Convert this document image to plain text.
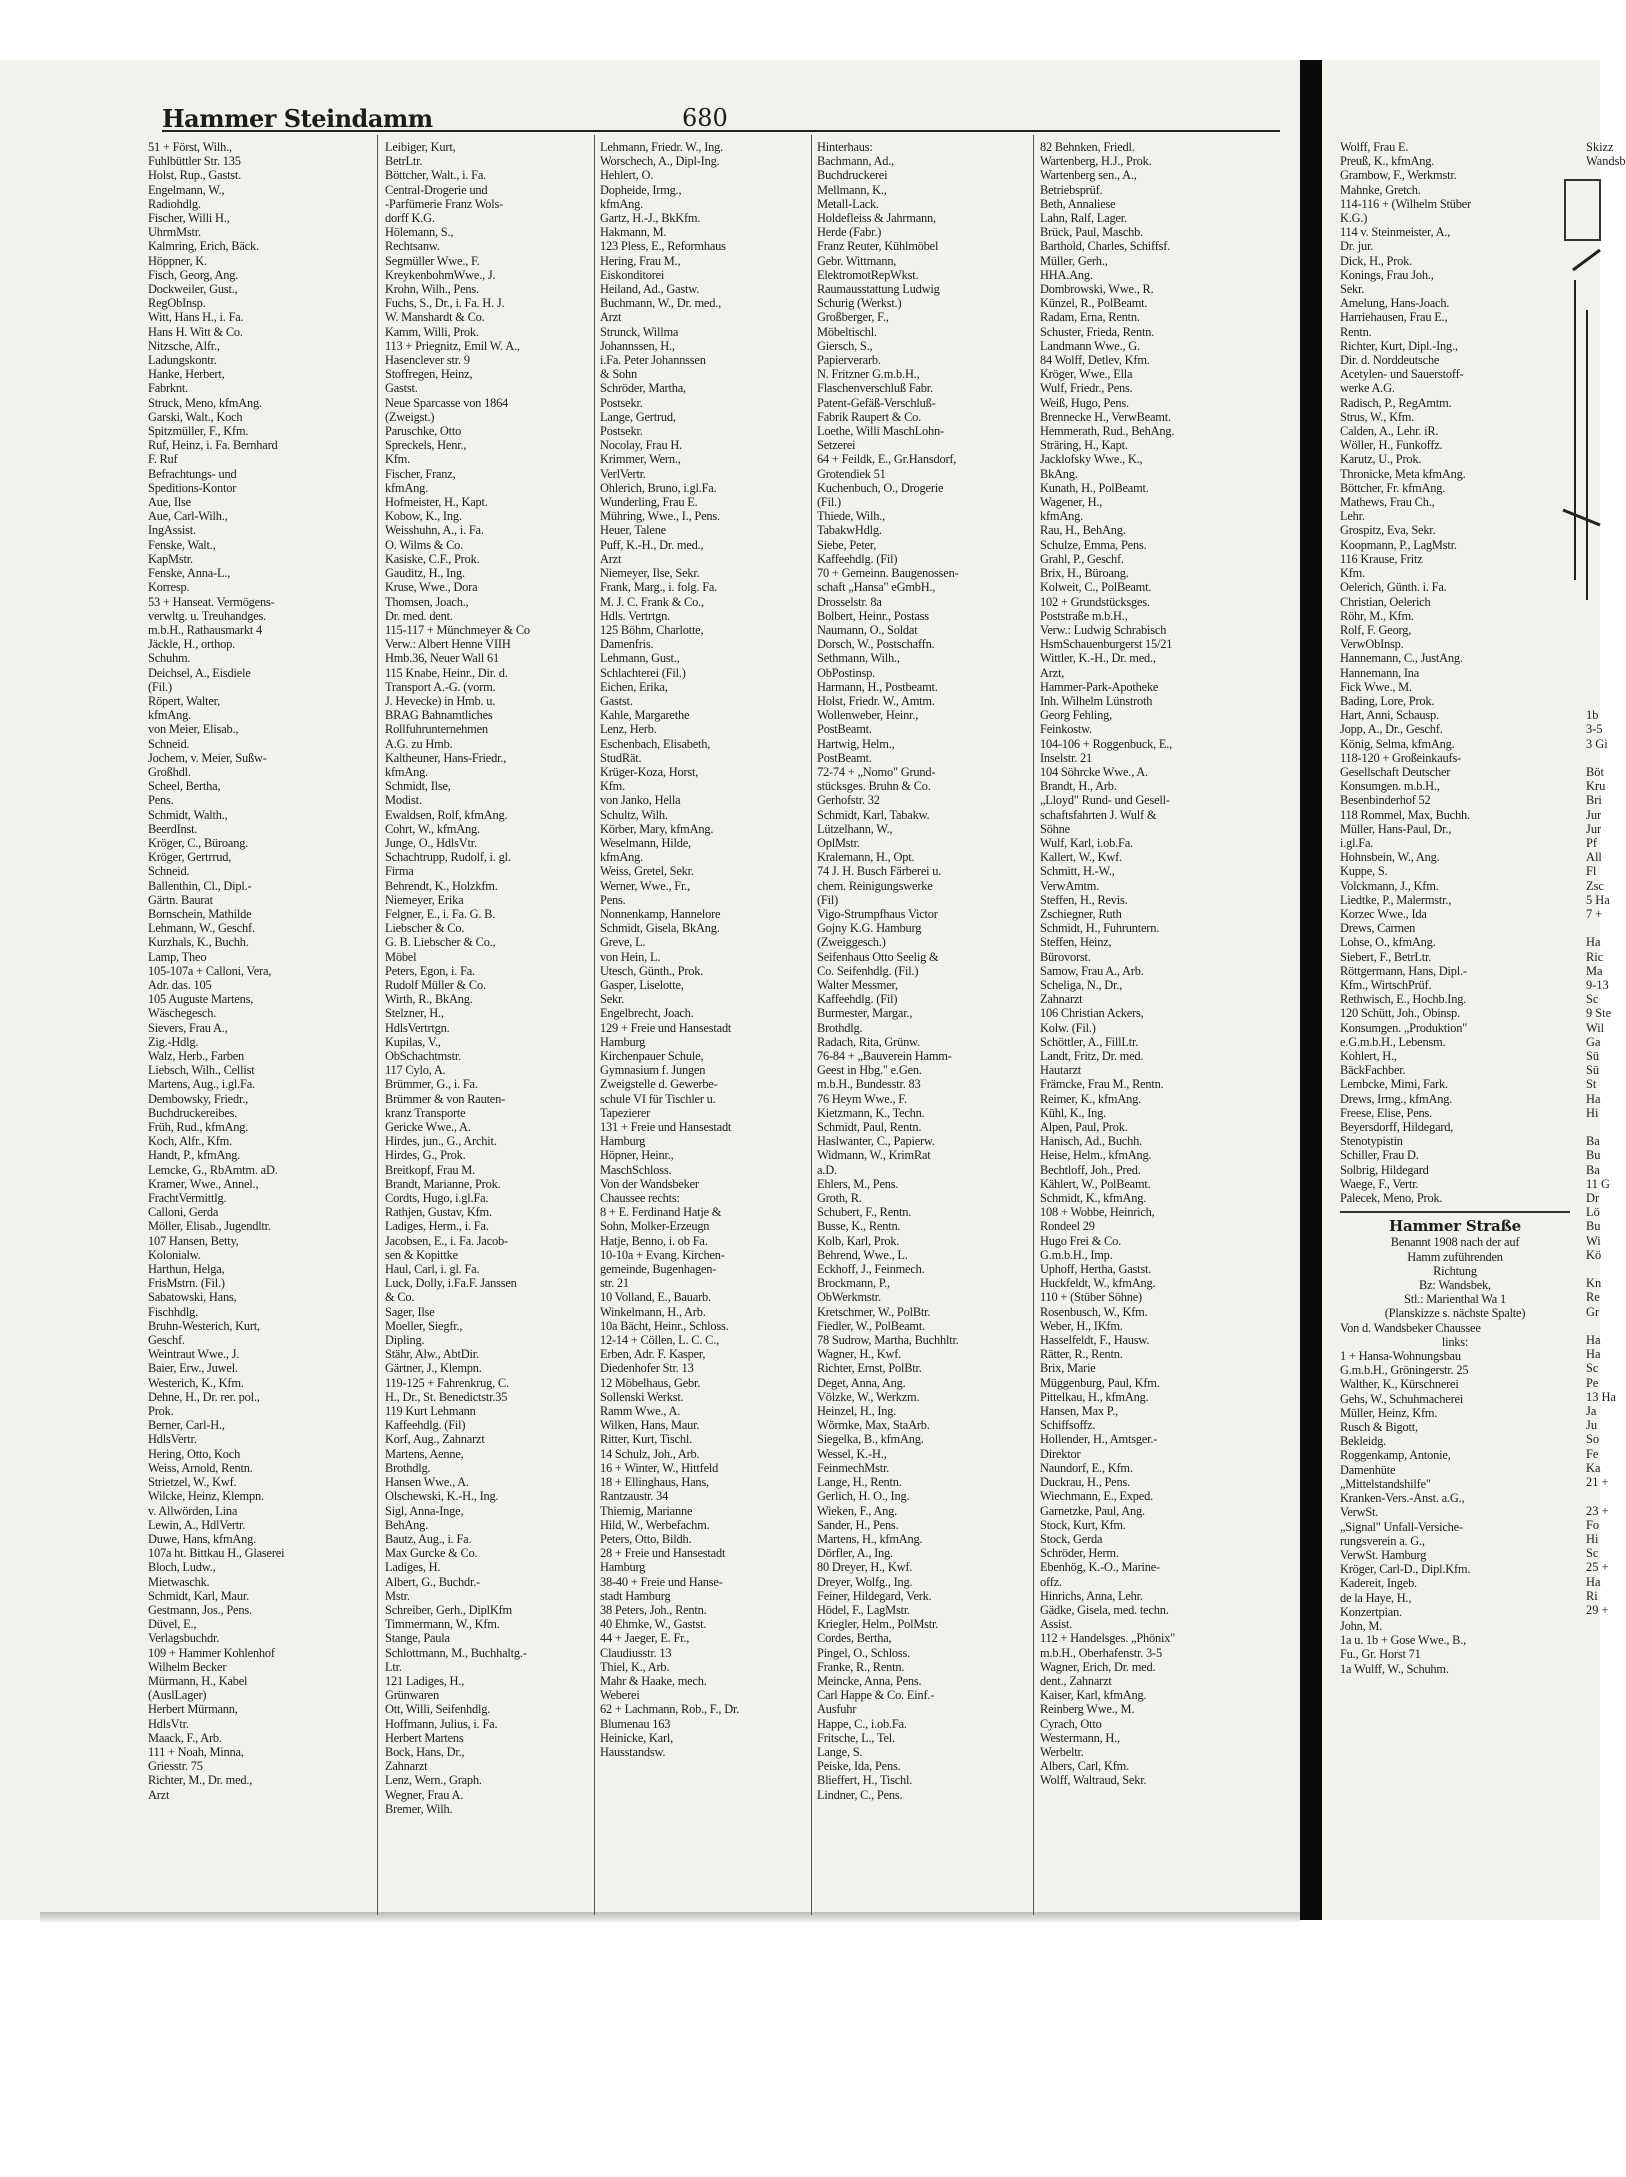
Hammer Steindamm	680
51 + Först, Wilh.,
Fuhlbüttler Str. 135
Holst, Rup., Gastst.
Engelmann, W.,
Radiohdlg.
Fischer, Willi H.,
UhrmMstr.
Kalmring, Erich, Bäck.
Höppner, K.
Fisch, Georg, Ang.
Dockweiler, Gust.,
RegObInsp.
Witt, Hans H., i. Fa.
Hans H. Witt & Co.
Nitzsche, Alfr.,
Ladungskontr.
Hanke, Herbert,
Fabrknt.
Struck, Meno, kfmAng.
Garski, Walt., Koch
Spitzmüller, F., Kfm.
Ruf, Heinz, i. Fa. Bernhard
F. Ruf
Befrachtungs- und
Speditions-Kontor
Aue, Ilse
Aue, Carl-Wilh.,
IngAssist.
Fenske, Walt.,
KapMstr.
Fenske, Anna-L.,
Korresp.
53 + Hanseat. Vermögens-
verwltg. u. Treuhandges.
m.b.H., Rathausmarkt 4
Jäckle, H., orthop.
Schuhm.
Deichsel, A., Eisdiele
(Fil.)
Röpert, Walter,
kfmAng.
von Meier, Elisab.,
Schneid.
Jochem, v. Meier, Sußw-
Großhdl.
Scheel, Bertha,
Pens.
Schmidt, Walth.,
BeerdInst.
Kröger, C., Büroang.
Kröger, Gertrrud,
Schneid.
Ballenthin, Cl., Dipl.-
Gärtn. Baurat
Bornschein, Mathilde
Lehmann, W., Geschf.
Kurzhals, K., Buchh.
Lamp, Theo
105-107a + Calloni, Vera,
Adr. das. 105
105 Auguste Martens,
Wäschegesch.
Sievers, Frau A.,
Zig.-Hdlg.
Walz, Herb., Farben
Liebsch, Wilh., Cellist
Martens, Aug., i.gl.Fa.
Dembowsky, Friedr.,
Buchdruckereibes.
Früh, Rud., kfmAng.
Koch, Alfr., Kfm.
Handt, P., kfmAng.
Lemcke, G., RbAmtm. aD.
Kramer, Wwe., Annel.,
FrachtVermittlg.
Calloni, Gerda
Möller, Elisab., Jugendltr.
107 Hansen, Betty,
Kolonialw.
Harthun, Helga,
FrisMstrn. (Fil.)
Sabatowski, Hans,
Fischhdlg.
Bruhn-Westerich, Kurt,
Geschf.
Weintraut Wwe., J.
Baier, Erw., Juwel.
Westerich, K., Kfm.
Dehne, H., Dr. rer. pol.,
Prok.
Berner, Carl-H.,
HdlsVertr.
Hering, Otto, Koch
Weiss, Arnold, Rentn.
Strietzel, W., Kwf.
Wilcke, Heinz, Klempn.
v. Allwörden, Lina
Lewin, A., HdlVertr.
Duwe, Hans, kfmAng.
107a ht. Bittkau H., Glaserei
Bloch, Ludw.,
Mietwaschk.
Schmidt, Karl, Maur.
Gestmann, Jos., Pens.
Düvel, E.,
Verlagsbuchdr.
109 + Hammer Kohlenhof
Wilhelm Becker
Mürmann, H., Kabel
(AuslLager)
Herbert Mürmann,
HdlsVtr.
Maack, F., Arb.
111 + Noah, Minna,
Griesstr. 75
Richter, M., Dr. med.,
Arzt
Leibiger, Kurt,
BetrLtr.
Böttcher, Walt., i. Fa.
Central-Drogerie und
-Parfümerie Franz Wols-
dorff K.G.
Hölemann, S.,
Rechtsanw.
Segmüller Wwe., F.
KreykenbohmWwe., J.
Krohn, Wilh., Pens.
Fuchs, S., Dr., i. Fa. H. J.
W. Manshardt & Co.
Kamm, Willi, Prok.
113 + Priegnitz, Emil W. A.,
Hasenclever str. 9
Stoffregen, Heinz,
Gastst.
Neue Sparcasse von 1864
(Zweigst.)
Paruschke, Otto
Spreckels, Henr.,
Kfm.
Fischer, Franz,
kfmAng.
Hofmeister, H., Kapt.
Kobow, K., Ing.
Weisshuhn, A., i. Fa.
O. Wilms & Co.
Kasiske, C.F., Prok.
Gauditz, H., Ing.
Kruse, Wwe., Dora
Thomsen, Joach.,
Dr. med. dent.
115-117 + Münchmeyer & Co
Verw.: Albert Henne VIIH
Hmb.36, Neuer Wall 61
115 Knabe, Heinr., Dir. d.
Transport A.-G. (vorm.
J. Hevecke) in Hmb. u.
BRAG Bahnamtliches
Rollfuhrunternehmen
A.G. zu Hmb.
Kaltheuner, Hans-Friedr.,
kfmAng.
Schmidt, Ilse,
Modist.
Ewaldsen, Rolf, kfmAng.
Cohrt, W., kfmAng.
Junge, O., HdlsVtr.
Schachtrupp, Rudolf, i. gl.
Firma
Behrendt, K., Holzkfm.
Niemeyer, Erika
Felgner, E., i. Fa. G. B.
Liebscher & Co.
G. B. Liebscher & Co.,
Möbel
Peters, Egon, i. Fa.
Rudolf Müller & Co.
Wirth, R., BkAng.
Stelzner, H.,
HdlsVertrtgn.
Kupilas, V.,
ObSchachtmstr.
117 Cylo, A.
Brümmer, G., i. Fa.
Brümmer & von Rauten-
kranz Transporte
Gericke Wwe., A.
Hirdes, jun., G., Archit.
Hirdes, G., Prok.
Breitkopf, Frau M.
Brandt, Marianne, Prok.
Cordts, Hugo, i.gl.Fa.
Rathjen, Gustav, Kfm.
Ladiges, Herm., i. Fa.
Jacobsen, E., i. Fa. Jacob-
sen & Kopittke
Haul, Carl, i. gl. Fa.
Luck, Dolly, i.Fa.F. Janssen
& Co.
Sager, Ilse
Moeller, Siegfr.,
Dipling.
Stähr, Alw., AbtDir.
Gärtner, J., Klempn.
119-125 + Fahrenkrug, C.
H., Dr., St. Benedictstr.35
119 Kurt Lehmann
Kaffeehdlg. (Fil)
Korf, Aug., Zahnarzt
Martens, Aenne,
Brothdlg.
Hansen Wwe., A.
Olschewski, K.-H., Ing.
Sigl, Anna-Inge,
BehAng.
Bautz, Aug., i. Fa.
Max Gurcke & Co.
Ladiges, H.
Albert, G., Buchdr.-
Mstr.
Schreiber, Gerh., DiplKfm
Timmermann, W., Kfm.
Stange, Paula
Schlottmann, M., Buchhaltg.-
Ltr.
121 Ladiges, H.,
Grünwaren
Ott, Willi, Seifenhdlg.
Hoffmann, Julius, i. Fa.
Herbert Martens
Bock, Hans, Dr.,
Zahnarzt
Lenz, Wern., Graph.
Wegner, Frau A.
Bremer, Wilh.
Lehmann, Friedr. W., Ing.
Worschech, A., Dipl-Ing.
Hehlert, O.
Dopheide, Irmg.,
kfmAng.
Gartz, H.-J., BkKfm.
Hakmann, M.
123 Pless, E., Reformhaus
Hering, Frau M.,
Eiskonditorei
Heiland, Ad., Gastw.
Buchmann, W., Dr. med.,
Arzt
Strunck, Willma
Johannssen, H.,
i.Fa. Peter Johannssen
& Sohn
Schröder, Martha,
Postsekr.
Lange, Gertrud,
Postsekr.
Nocolay, Frau H.
Krimmer, Wern.,
VerlVertr.
Ohlerich, Bruno, i.gl.Fa.
Wunderling, Frau E.
Mühring, Wwe., I., Pens.
Heuer, Talene
Puff, K.-H., Dr. med.,
Arzt
Niemeyer, Ilse, Sekr.
Frank, Marg., i. folg. Fa.
M. J. C. Frank & Co.,
Hdls. Vertrtgn.
125 Böhm, Charlotte,
Damenfris.
Lehmann, Gust.,
Schlachterei (Fil.)
Eichen, Erika,
Gastst.
Kahle, Margarethe
Lenz, Herb.
Eschenbach, Elisabeth,
StudRät.
Krüger-Koza, Horst,
Kfm.
von Janko, Hella
Schultz, Wilh.
Körber, Mary, kfmAng.
Weselmann, Hilde,
kfmAng.
Weiss, Gretel, Sekr.
Werner, Wwe., Fr.,
Pens.
Nonnenkamp, Hannelore
Schmidt, Gisela, BkAng.
Greve, L.
von Hein, L.
Utesch, Günth., Prok.
Gasper, Liselotte,
Sekr.
Engelbrecht, Joach.
129 + Freie und Hansestadt
Hamburg
Kirchenpauer Schule,
Gymnasium f. Jungen
Zweigstelle d. Gewerbe-
schule VI für Tischler u.
Tapezierer
131 + Freie und Hansestadt
Hamburg
Höpner, Heinr.,
MaschSchloss.
Von der Wandsbeker
Chaussee rechts:
8 + E. Ferdinand Hatje &
Sohn, Molker-Erzeugn
Hatje, Benno, i. ob Fa.
10-10a + Evang. Kirchen-
gemeinde, Bugenhagen-
str. 21
10 Volland, E., Bauarb.
Winkelmann, H., Arb.
10a Bächt, Heinr., Schloss.
12-14 + Cöllen, L. C. C.,
Erben, Adr. F. Kasper,
Diedenhofer Str. 13
12 Möbelhaus, Gebr.
Sollenski Werkst.
Ramm Wwe., A.
Wilken, Hans, Maur.
Ritter, Kurt, Tischl.
14 Schulz, Joh., Arb.
16 + Winter, W., Hittfeld
18 + Ellinghaus, Hans,
Rantzaustr. 34
Thiemig, Marianne
Hild, W., Werbefachm.
Peters, Otto, Bildh.
28 + Freie und Hansestadt
Hamburg
38-40 + Freie und Hanse-
stadt Hamburg
38 Peters, Joh., Rentn.
40 Ehmke, W., Gastst.
44 + Jaeger, E. Fr.,
Claudiusstr. 13
Thiel, K., Arb.
Mahr & Haake, mech.
Weberei
62 + Lachmann, Rob., F., Dr.
Blumenau 163
Heinicke, Karl,
Hausstandsw.
Hinterhaus:
Bachmann, Ad.,
Buchdruckerei
Mellmann, K.,
Metall-Lack.
Holdefleiss & Jahrmann,
Herde (Fabr.)
Franz Reuter, Kühlmöbel
Gebr. Wittmann,
ElektromotRepWkst.
Raumausstattung Ludwig
Schurig (Werkst.)
Großberger, F.,
Möbeltischl.
Giersch, S.,
Papierverarb.
N. Fritzner G.m.b.H.,
Flaschenverschluß Fabr.
Patent-Gefäß-Verschluß-
Fabrik Raupert & Co.
Loethe, Willi MaschLohn-
Setzerei
64 + Feildk, E., Gr.Hansdorf,
Grotendiek 51
Kuchenbuch, O., Drogerie
(Fil.)
Thiede, Wilh.,
TabakwHdlg.
Siebe, Peter,
Kaffeehdlg. (Fil)
70 + Gemeinn. Baugenossen-
schaft „Hansa" eGmbH.,
Drosselstr. 8a
Bolbert, Heinr., Postass
Naumann, O., Soldat
Dorsch, W., Postschaffn.
Sethmann, Wilh.,
ObPostinsp.
Harmann, H., Postbeamt.
Holst, Friedr. W., Amtm.
Wollenweber, Heinr.,
PostBeamt.
Hartwig, Helm.,
PostBeamt.
72-74 + „Nomo" Grund-
stücksges. Bruhn & Co.
Gerhofstr. 32
Schmidt, Karl, Tabakw.
Lützelhann, W.,
OplMstr.
Kralemann, H., Opt.
74 J. H. Busch Färberei u.
chem. Reinigungswerke
(Fil)
Vigo-Strumpfhaus Victor
Gojny K.G. Hamburg
(Zweiggesch.)
Seifenhaus Otto Seelig &
Co. Seifenhdlg. (Fil.)
Walter Messmer,
Kaffeehdlg. (Fil)
Burmester, Margar.,
Brothdlg.
Radach, Rita, Grünw.
76-84 + „Bauverein Hamm-
Geest in Hbg." e.Gen.
m.b.H., Bundesstr. 83
76 Heym Wwe., F.
Kietzmann, K., Techn.
Schmidt, Paul, Rentn.
Haslwanter, C., Papierw.
Widmann, W., KrimRat
a.D.
Ehlers, M., Pens.
Groth, R.
Schubert, F., Rentn.
Busse, K., Rentn.
Kolb, Karl, Prok.
Behrend, Wwe., L.
Eckhoff, J., Feinmech.
Brockmann, P.,
ObWerkmstr.
Kretschmer, W., PolBtr.
Fiedler, W., PolBeamt.
78 Sudrow, Martha, Buchhltr.
Wagner, H., Kwf.
Richter, Ernst, PolBtr.
Deget, Anna, Ang.
Völzke, W., Werkzm.
Heinzel, H., Ing.
Wörmke, Max, StaArb.
Siegelka, B., kfmAng.
Wessel, K.-H.,
FeinmechMstr.
Lange, H., Rentn.
Gerlich, H. O., Ing.
Wieken, F., Ang.
Sander, H., Pens.
Martens, H., kfmAng.
Dörfler, A., Ing.
80 Dreyer, H., Kwf.
Dreyer, Wolfg., Ing.
Feiner, Hildegard, Verk.
Hödel, F., LagMstr.
Kriegler, Helm., PolMstr.
Cordes, Bertha,
Pingel, O., Schloss.
Franke, R., Rentn.
Meincke, Anna, Pens.
Carl Happe & Co. Einf.-
Ausfuhr
Happe, C., i.ob.Fa.
Fritsche, L., Tel.
Lange, S.
Peiske, Ida, Pens.
Blieffert, H., Tischl.
Lindner, C., Pens.
82 Behnken, Friedl.
Wartenberg, H.J., Prok.
Wartenberg sen., A.,
Betriebsprüf.
Beth, Annaliese
Lahn, Ralf, Lager.
Brück, Paul, Maschb.
Barthold, Charles, Schiffsf.
Müller, Gerh.,
HHA.Ang.
Dombrowski, Wwe., R.
Künzel, R., PolBeamt.
Radam, Erna, Rentn.
Schuster, Frieda, Rentn.
Landmann Wwe., G.
84 Wolff, Detlev, Kfm.
Kröger, Wwe., Ella
Wulf, Friedr., Pens.
Weiß, Hugo, Pens.
Brennecke H., VerwBeamt.
Hemmerath, Rud., BehAng.
Sträring, H., Kapt.
Jacklofsky Wwe., K.,
BkAng.
Kunath, H., PolBeamt.
Wagener, H.,
kfmAng.
Rau, H., BehAng.
Schulze, Emma, Pens.
Grahl, P., Geschf.
Brix, H., Büroang.
Kolweit, C., PolBeamt.
102 + Grundstücksges.
Poststraße m.b.H.,
Verw.: Ludwig Schrabisch
HsmSchauenburgerst 15/21
Wittler, K.-H., Dr. med.,
Arzt,
Hammer-Park-Apotheke
Inh. Wilhelm Lünstroth
Georg Fehling,
Feinkostw.
104-106 + Roggenbuck, E.,
Inselstr. 21
104 Söhrcke Wwe., A.
Brandt, H., Arb.
„Lloyd" Rund- und Gesell-
schaftsfahrten J. Wulf &
Söhne
Wulf, Karl, i.ob.Fa.
Kallert, W., Kwf.
Schmitt, H.-W.,
VerwAmtm.
Steffen, H., Revis.
Zschiegner, Ruth
Schmidt, H., Fuhruntern.
Steffen, Heinz,
Bürovorst.
Samow, Frau A., Arb.
Scheliga, N., Dr.,
Zahnarzt
106 Christian Ackers,
Kolw. (Fil.)
Schöttler, A., FillLtr.
Landt, Fritz, Dr. med.
Hautarzt
Främcke, Frau M., Rentn.
Reimer, K., kfmAng.
Kühl, K., Ing.
Alpen, Paul, Prok.
Hanisch, Ad., Buchh.
Heise, Helm., kfmAng.
Bechtloff, Joh., Pred.
Kählert, W., PolBeamt.
Schmidt, K., kfmAng.
108 + Wobbe, Heinrich,
Rondeel 29
Hugo Frei & Co.
G.m.b.H., Imp.
Uphoff, Hertha, Gastst.
Huckfeldt, W., kfmAng.
110 + (Stüber Söhne)
Rosenbusch, W., Kfm.
Weber, H., IKfm.
Hasselfeldt, F., Hausw.
Rätter, R., Rentn.
Brix, Marie
Müggenburg, Paul, Kfm.
Pittelkau, H., kfmAng.
Hansen, Max P.,
Schiffsoffz.
Hollender, H., Amtsger.-
Direktor
Naundorf, E., Kfm.
Duckrau, H., Pens.
Wiechmann, E., Exped.
Garnetzke, Paul, Ang.
Stock, Kurt, Kfm.
Stock, Gerda
Schröder, Herm.
Ebenhög, K.-O., Marine-
offz.
Hinrichs, Anna, Lehr.
Gädke, Gisela, med. techn.
Assist.
112 + Handelsges. „Phönix"
m.b.H., Oberhafenstr. 3-5
Wagner, Erich, Dr. med.
dent., Zahnarzt
Kaiser, Karl, kfmAng.
Reinberg Wwe., M.
Cyrach, Otto
Westermann, H.,
Werbeltr.
Albers, Carl, Kfm.
Wolff, Waltraud, Sekr.
Wolff, Frau E.
Preuß, K., kfmAng.
Grambow, F., Werkmstr.
Mahnke, Gretch.
114-116 + (Wilhelm Stüber
K.G.)
114 v. Steinmeister, A.,
Dr. jur.
Dick, H., Prok.
Konings, Frau Joh.,
Sekr.
Amelung, Hans-Joach.
Harriehausen, Frau E.,
Rentn.
Richter, Kurt, Dipl.-Ing.,
Dir. d. Norddeutsche
Acetylen- und Sauerstoff-
werke A.G.
Radisch, P., RegAmtm.
Strus, W., Kfm.
Calden, A., Lehr. iR.
Wöller, H., Funkoffz.
Karutz, U., Prok.
Thronicke, Meta kfmAng.
Böttcher, Fr. kfmAng.
Mathews, Frau Ch.,
Lehr.
Grospitz, Eva, Sekr.
Koopmann, P., LagMstr.
116 Krause, Fritz
Kfm.
Oelerich, Günth. i. Fa.
Christian, Oelerich
Röhr, M., Kfm.
Rolf, F. Georg,
VerwObInsp.
Hannemann, C., JustAng.
Hannemann, Ina
Fick Wwe., M.
Bading, Lore, Prok.
Hart, Anni, Schausp.
Jopp, A., Dr., Geschf.
König, Selma, kfmAng.
118-120 + Großeinkaufs-
Gesellschaft Deutscher
Konsumgen. m.b.H.,
Besenbinderhof 52
118 Rommel, Max, Buchh.
Müller, Hans-Paul, Dr.,
i.gl.Fa.
Hohnsbein, W., Ang.
Kuppe, S.
Volckmann, J., Kfm.
Liedtke, P., Malermstr.,
Korzec Wwe., Ida
Drews, Carmen
Lohse, O., kfmAng.
Siebert, F., BetrLtr.
Röttgermann, Hans, Dipl.-
Kfm., WirtschPrüf.
Rethwisch, E., Hochb.Ing.
120 Schütt, Joh., Obinsp.
Konsumgen. „Produktion"
e.G.m.b.H., Lebensm.
Kohlert, H.,
BäckFachber.
Lembcke, Mimi, Fark.
Drews, Irmg., kfmAng.
Freese, Elise, Pens.
Beyersdorff, Hildegard,
Stenotypistin
Schiller, Frau D.
Solbrig, Hildegard
Waege, F., Vertr.
Palecek, Meno, Prok.
Hammer Straße
Benannt 1908 nach der auf
Hamm zuführenden
Richtung
Bz: Wandsbek,
Stl.: Marienthal Wa 1
(Planskizze s. nächste Spalte)
Von d. Wandsbeker Chaussee
links:
1 + Hansa-Wohnungsbau
G.m.b.H., Gröningerstr. 25
Walther, K., Kürschnerei
Gehs, W., Schuhmacherei
Müller, Heinz, Kfm.
Rusch & Bigott,
Bekleidg.
Roggenkamp, Antonie,
Damenhüte
„Mittelstandshilfe"
Kranken-Vers.-Anst. a.G.,
VerwSt.
„Signal" Unfall-Versiche-
rungsverein a. G.,
VerwSt. Hamburg
Kröger, Carl-D., Dipl.Kfm.
Kadereit, Ingeb.
de la Haye, H.,
Konzertpian.
John, M.
1a u. 1b + Gose Wwe., B.,
Fu., Gr. Horst 71
1a Wulff, W., Schuhm.
Skizz
Wandsb

1b
3-5
3 Gi

Böt
Kru
Bri
Jur
Jur
Pf
All
Fl
Zsc
5 Ha
7 +

Ha
Ric
Ma
9-13
Sc
9 Ste
Wil
Ga
Sü
Sü
St
Ha
Hi

Ba
Bu
Ba
11 G
Dr
Lö
Bu
Wi
Kö

Kn
Re
Gr

Ha
Ha
Sc
Pe
13 Ha
Ja
Ju
So
Fe
Ka
21 +

23 +
Fo
Hi
Sc
25 +
Ha
Ri
29 +
